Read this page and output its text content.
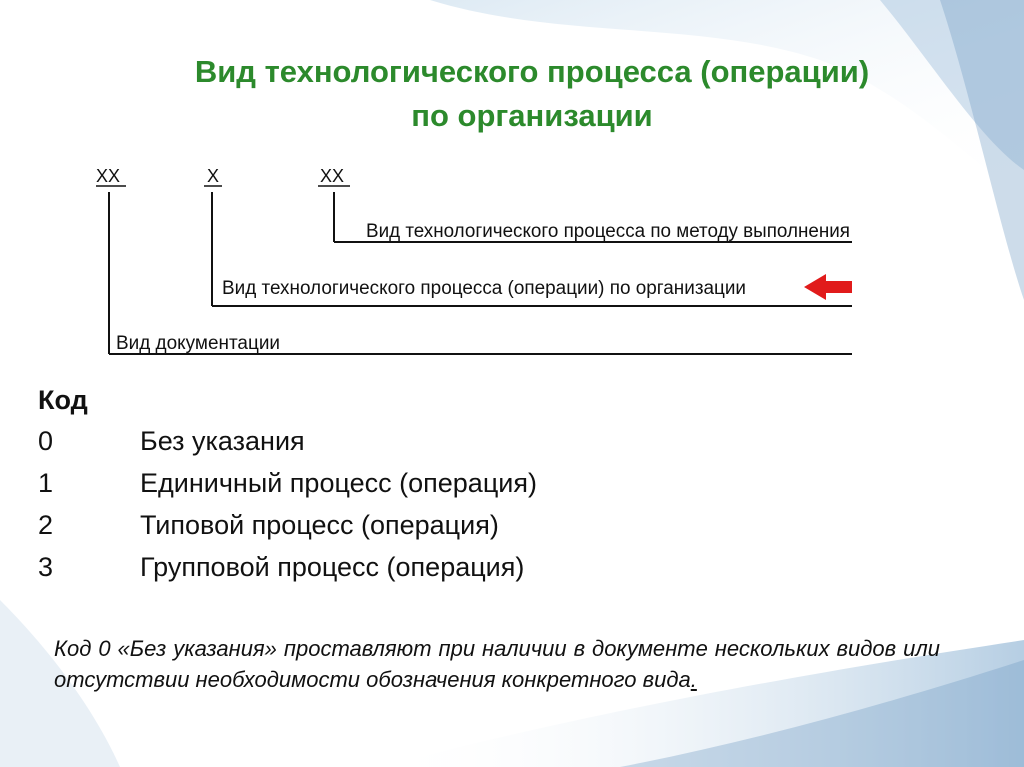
Вид технологического процесса (операции)
по организации
ХХ	Х	ХХ
Вид технологического процесса по методу выполнения
Вид технологического процесса (операции) по организации
Вид документации
Код
0	Без указания
1	Единичный процесс (операция)
2	Типовой процесс (операция)
3	Групповой процесс (операция)
Код 0 «Без указания» проставляют при наличии в документе нескольких видов или отсутствии необходимости обозначения конкретного вида.
